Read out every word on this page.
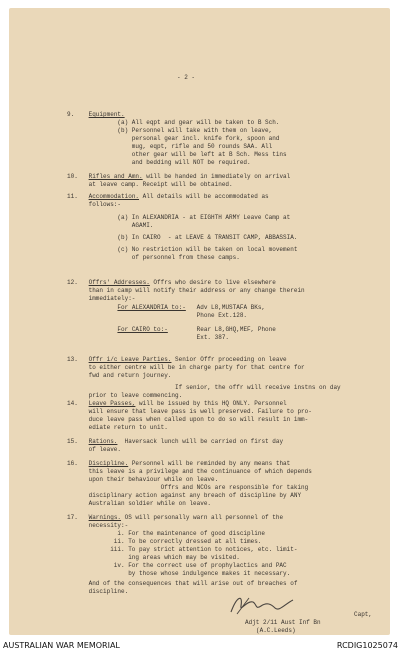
- 2 -
9.    Equipment.
(a) All eqpt and gear will be taken to B Sch.
(b) Personnel will take with them on leave,
personal gear incl. knife fork, spoon and
mug, eqpt, rifle and 50 rounds SAA. All
other gear will be left at B Sch. Mess tins
and bedding will NOT be required.
10.   Rifles and Amn. will be handed in immediately on arrival
at leave camp. Receipt will be obtained.
11.   Accommodation. All details will be accommodated as
follows:-
(a) In ALEXANDRIA - at EIGHTH ARMY Leave Camp at
AGAMI.
(b) In CAIRO  - at LEAVE & TRANSIT CAMP, ABBASSIA.
(c) No restriction will be taken on local movement
of personnel from these camps.
12.   Offrs' Addresses. Offrs who desire to live elsewhere
than in camp will notify their address or any change therein
immediately:-
For ALEXANDRIA to:-   Adv L8,MUSTAFA BKs,
Phone Ext.128.
For CAIRO to:-        Rear L8,GHQ,MEF, Phone
Ext. 387.
13.   Offr i/c Leave Parties. Senior Offr proceeding on leave
to either centre will be in charge party for that centre for
fwd and return journey.
If senior, the offr will receive instns on day
prior to leave commencing.
14.   Leave Passes, will be issued by this HQ ONLY. Personnel
will ensure that leave pass is well preserved. Failure to pro-
duce leave pass when called upon to do so will result in imm-
ediate return to unit.
15.   Rations.  Haversack lunch will be carried on first day
of leave.
16.   Discipline. Personnel will be reminded by any means that
this leave is a privilege and the continuance of which depends
upon their behaviour while on leave.
Offrs and NCOs are responsible for taking
disciplinary action against any breach of discipline by ANY
Australian soldier while on leave.
17.   Warnings. OS will personally warn all personnel of the
necessity:-
i. For the maintenance of good discipline
ii. To be correctly dressed at all times.
iii. To pay strict attention to notices, etc. limit-
ing areas which may be visited.
iv. For the correct use of prophylactics and PAC
by those whose indulgence makes it necessary.
And of the consequences that will arise out of breaches of
discipline.
Capt,
Adjt 2/11 Aust Inf Bn
(A.C.Leeds)
AUSTRALIAN WAR MEMORIAL	RCDIG1025074
